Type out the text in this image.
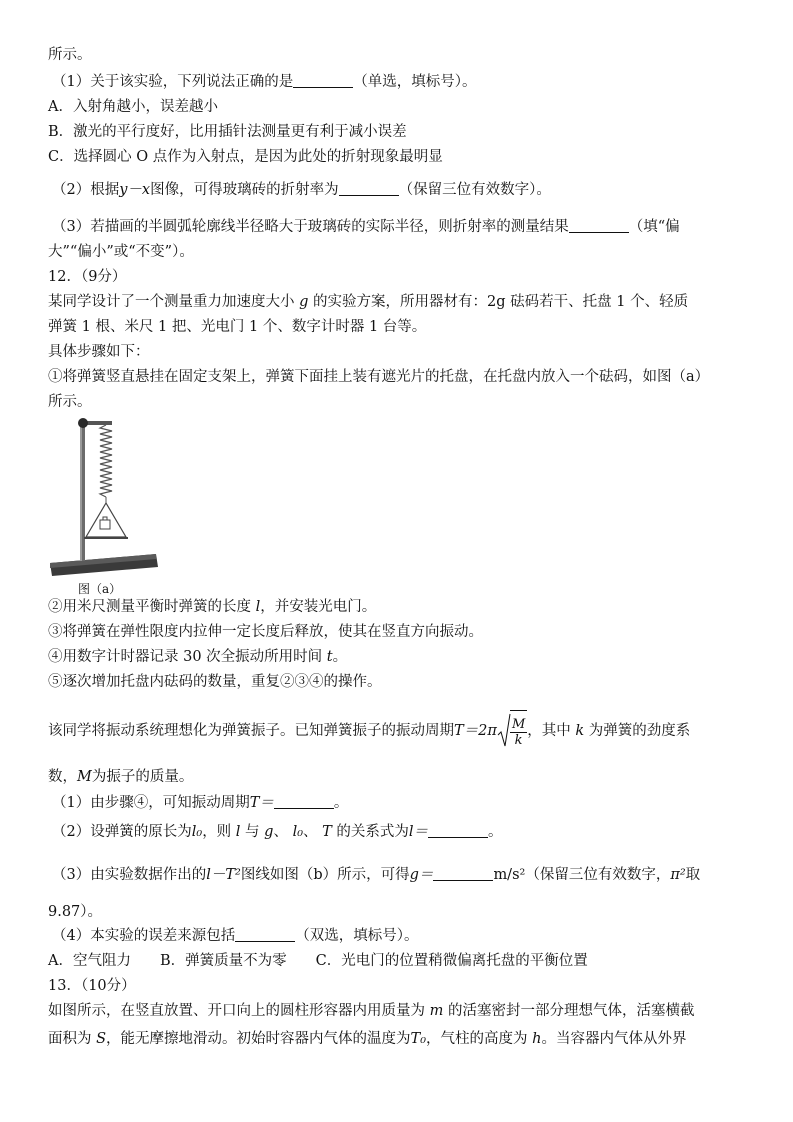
所示。
（1）关于该实验，下列说法正确的是	（单选，填标号）。
A．入射角越小，误差越小
B．激光的平行度好，比用插针法测量更有利于减小误差
C．选择圆心 O 点作为入射点，是因为此处的折射现象最明显
（2）根据y－x图像，可得玻璃砖的折射率为	（保留三位有效数字）。
（3）若描画的半圆弧轮廓线半径略大于玻璃砖的实际半径，则折射率的测量结果	（填“偏
大”“偏小”或“不变”）。
12．（9分）
某同学设计了一个测量重力加速度大小 g 的实验方案，所用器材有：2g 砝码若干、托盘 1 个、轻质
弹簧 1 根、米尺 1 把、光电门 1 个、数字计时器 1 台等。
具体步骤如下：
①将弹簧竖直悬挂在固定支架上，弹簧下面挂上装有遮光片的托盘，在托盘内放入一个砝码，如图（a）
所示。
图（a）
②用米尺测量平衡时弹簧的长度 l，并安装光电门。
③将弹簧在弹性限度内拉伸一定长度后释放，使其在竖直方向振动。
④用数字计时器记录 30 次全振动所用时间 t。
⑤逐次增加托盘内砝码的数量，重复②③④的操作。
该同学将振动系统理想化为弹簧振子。已知弹簧振子的振动周期$T=2\pi \frac{M}{k}$ ，其中 k 为弹簧的劲度系
数，M为振子的质量。
（1）由步骤④，可知振动周期T＝	。
（2）设弹簧的原长为l₀，则 l 与 g、 l₀、 T 的关系式为l＝	。
（3）由实验数据作出的l－T²图线如图（b）所示，可得g＝	m/s²（保留三位有效数字，π²取
9.87）。
（4）本实验的误差来源包括	（双选，填标号）。
A．空气阻力　　B．弹簧质量不为零　　C．光电门的位置稍微偏离托盘的平衡位置
13．（10分）
如图所示，在竖直放置、开口向上的圆柱形容器内用质量为 m 的活塞密封一部分理想气体，活塞横截
面积为 S，能无摩擦地滑动。初始时容器内气体的温度为T₀，气柱的高度为 h。当容器内气体从外界
